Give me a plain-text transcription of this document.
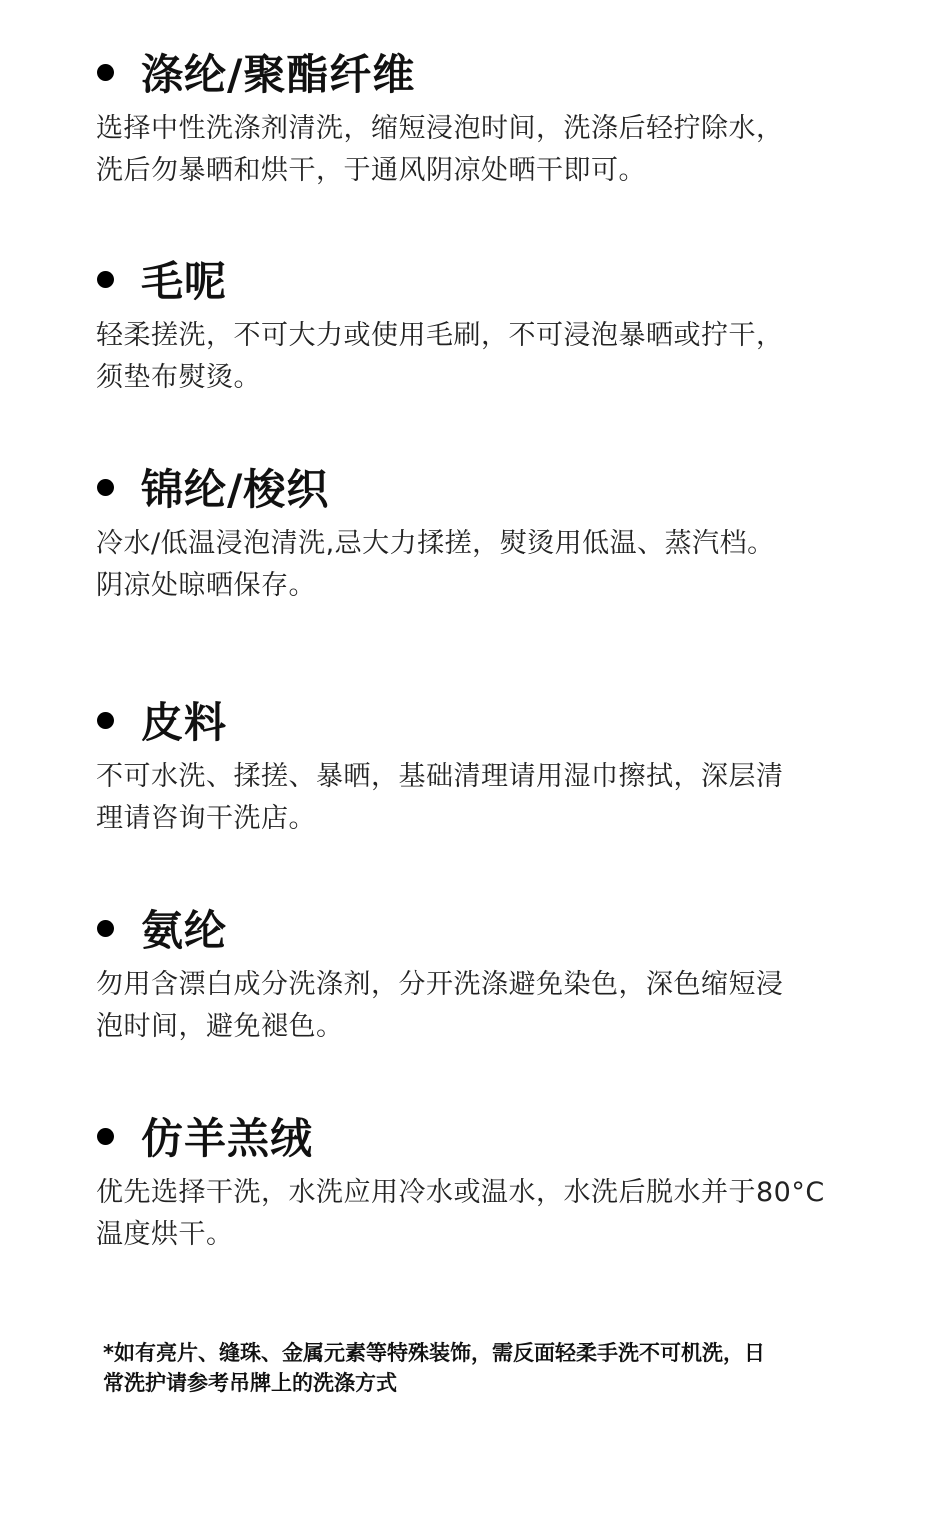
涤纶/聚酯纤维
选择中性洗涤剂清洗，缩短浸泡时间，洗涤后轻拧除水，
洗后勿暴晒和烘干，于通风阴凉处晒干即可。
毛呢
轻柔搓洗，不可大力或使用毛刷，不可浸泡暴晒或拧干，
须垫布熨烫。
锦纶/梭织
冷水/低温浸泡清洗,忌大力揉搓，熨烫用低温、蒸汽档。
阴凉处晾晒保存。
皮料
不可水洗、揉搓、暴晒，基础清理请用湿巾擦拭，深层清
理请咨询干洗店。
氨纶
勿用含漂白成分洗涤剂，分开洗涤避免染色，深色缩短浸
泡时间，避免褪色。
仿羊羔绒
优先选择干洗，水洗应用冷水或温水，水洗后脱水并于80°C
温度烘干。
*如有亮片、缝珠、金属元素等特殊装饰，需反面轻柔手洗不可机洗，日
常洗护请参考吊牌上的洗涤方式
